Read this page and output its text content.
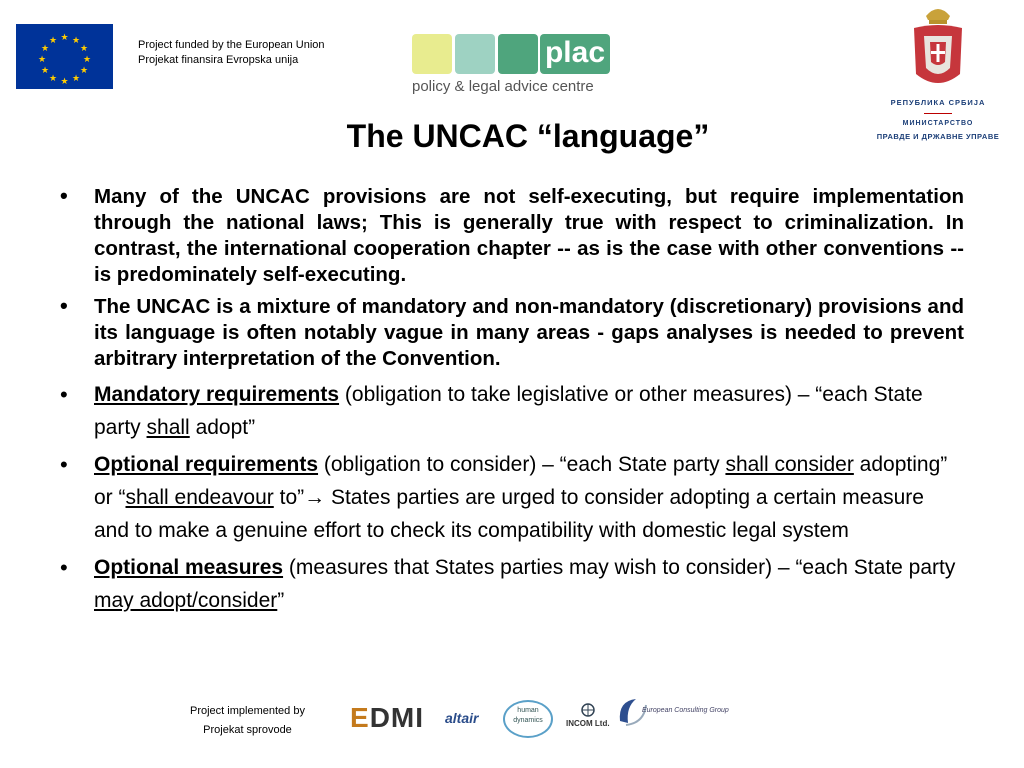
★ ★
★
★
★
★
★
★
★
★
★
★	Project funded by the European Union
Projekat finansira Evropska unija	plac
policy & legal advice centre
РЕПУБЛИКА СРБИЈА
МИНИСТАРСТВО
ПРАВДЕ И ДРЖАВНЕ УПРАВЕ
The UNCAC “language”
• Many of the UNCAC provisions are not self-executing, but require implementation through the national laws; This is generally true with respect to criminalization. In contrast, the international cooperation chapter -- as is the case with other conventions -- is predominately self-executing.
• The UNCAC is a mixture of mandatory and non-mandatory (discretionary) provisions and its language is often notably vague in many areas - gaps analyses is needed to prevent arbitrary interpretation of the Convention.
• Mandatory requirements (obligation to take legislative or other measures) – “each State party shall adopt”
• Optional requirements (obligation to consider) – “each State party shall consider adopting” or “shall endeavour to”→ States parties are urged to consider adopting a certain measure and to make a genuine effort to check its compatibility with domestic legal system
• Optional measures (measures that States parties may wish to consider) – “each State party may adopt/consider”
Project implemented by
Projekat sprovode	EDMI altair	human dynamics	INCOM Ltd.
European Consulting Group
